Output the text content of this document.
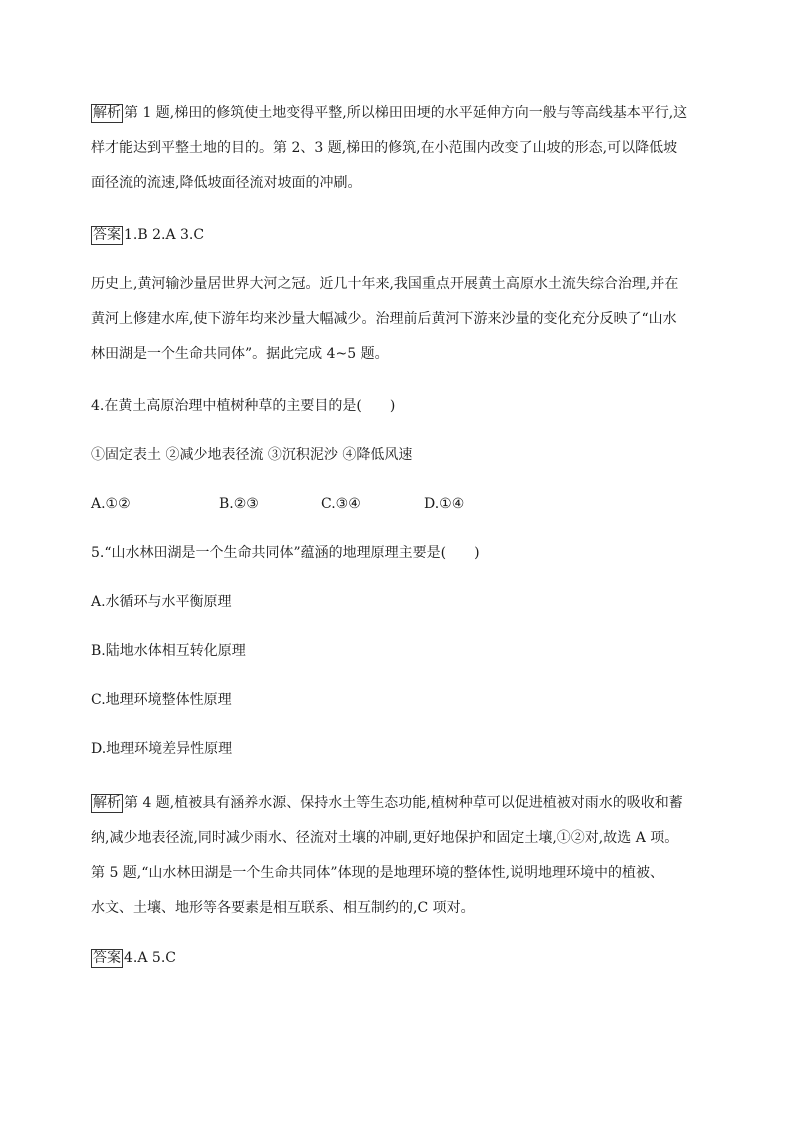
解析 第 1 题,梯田的修筑使土地变得平整,所以梯田田埂的水平延伸方向一般与等高线基本平行,这
样才能达到平整土地的目的。第 2、3 题,梯田的修筑,在小范围内改变了山坡的形态,可以降低坡
面径流的流速,降低坡面径流对坡面的冲刷。
答案 1.B 2.A 3.C
历史上,黄河输沙量居世界大河之冠。近几十年来,我国重点开展黄土高原水土流失综合治理,并在
黄河上修建水库,使下游年均来沙量大幅减少。治理前后黄河下游来沙量的变化充分反映了“山水
林田湖是一个生命共同体”。据此完成 4~5 题。
4.在黄土高原治理中植树种草的主要目的是(　　)
①固定表土 ②减少地表径流 ③沉积泥沙 ④降低风速
A.①②	B.②③	C.③④	D.①④
5.“山水林田湖是一个生命共同体”蕴涵的地理原理主要是(　　)
A.水循环与水平衡原理
B.陆地水体相互转化原理
C.地理环境整体性原理
D.地理环境差异性原理
解析 第 4 题,植被具有涵养水源、保持水土等生态功能,植树种草可以促进植被对雨水的吸收和蓄
纳,减少地表径流,同时减少雨水、径流对土壤的冲刷,更好地保护和固定土壤,①②对,故选 A 项。
第 5 题,“山水林田湖是一个生命共同体”体现的是地理环境的整体性,说明地理环境中的植被、
水文、土壤、地形等各要素是相互联系、相互制约的,C 项对。
答案 4.A 5.C
